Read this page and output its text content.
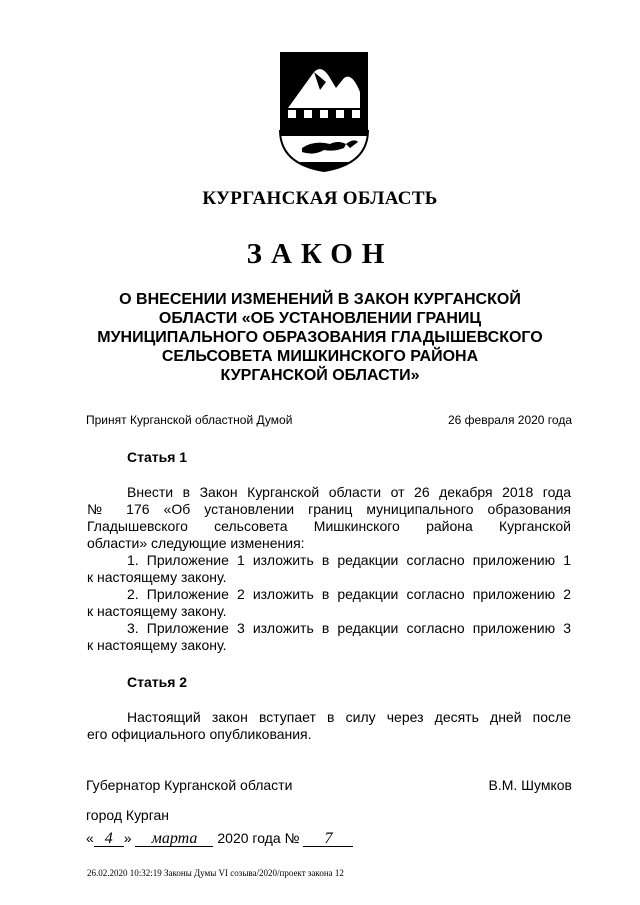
КУРГАНСКАЯ ОБЛАСТЬ
ЗАКОН
О ВНЕСЕНИИ ИЗМЕНЕНИЙ В ЗАКОН КУРГАНСКОЙ
ОБЛАСТИ «ОБ УСТАНОВЛЕНИИ ГРАНИЦ
МУНИЦИПАЛЬНОГО ОБРАЗОВАНИЯ ГЛАДЫШЕВСКОГО
СЕЛЬСОВЕТА МИШКИНСКОГО РАЙОНА
КУРГАНСКОЙ ОБЛАСТИ»
Принят Курганской областной Думой	26 февраля 2020 года
Статья 1
Внести в Закон Курганской области от 26 декабря 2018 года
№ 176 «Об установлении границ муниципального образования
Гладышевского сельсовета Мишкинского района Курганской
области» следующие изменения:
1. Приложение 1 изложить в редакции согласно приложению 1
к настоящему закону.
2. Приложение 2 изложить в редакции согласно приложению 2
к настоящему закону.
3. Приложение 3 изложить в редакции согласно приложению 3
к настоящему закону.
Статья 2
Настоящий закон вступает в силу через десять дней после
его официального опубликования.
Губернатор Курганской области	В.М. Шумков
город Курган
« 4 » марта 2020 года № 7
26.02.2020 10:32:19 Законы Думы VI созыва/2020/проект закона 12
